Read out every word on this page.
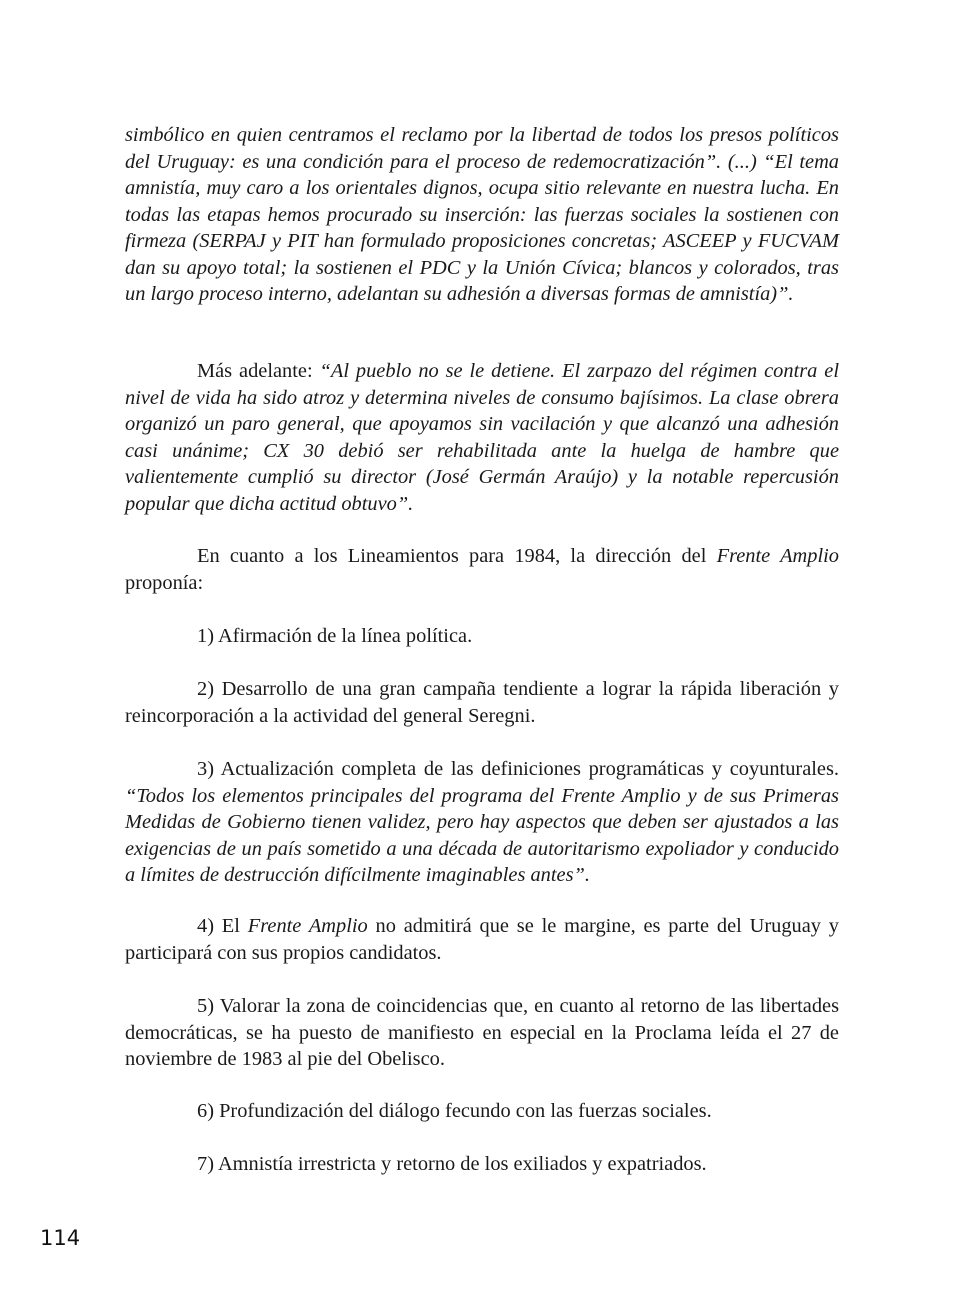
simbólico en quien centramos el reclamo por la libertad de todos los presos políticos del Uruguay: es una condición para el proceso de redemocratización”. (...) “El tema amnistía, muy caro a los orientales dignos, ocupa sitio relevante en nuestra lucha. En todas las etapas hemos procurado su inserción: las fuerzas sociales la sostienen con firmeza (SERPAJ y PIT han formulado proposiciones concretas; ASCEEP y FUCVAM dan su apoyo total; la sostienen el PDC y la Unión Cívica; blancos y colorados, tras un largo proceso interno, adelantan su adhesión a diversas formas de amnistía)”.

Más adelante: “Al pueblo no se le detiene. El zarpazo del régimen contra el nivel de vida ha sido atroz y determina niveles de consumo bajísimos. La clase obrera organizó un paro general, que apoyamos sin vacilación y que alcanzó una adhesión casi unánime; CX 30 debió ser rehabilitada ante la huelga de hambre que valientemente cumplió su director (José Germán Araújo) y la notable repercusión popular que dicha actitud obtuvo”.

En cuanto a los Lineamientos para 1984, la dirección del Frente Amplio proponía:

1) Afirmación de la línea política.

2) Desarrollo de una gran campaña tendiente a lograr la rápida liberación y reincorporación a la actividad del general Seregni.

3) Actualización completa de las definiciones programáticas y coyunturales. “Todos los elementos principales del programa del Frente Amplio y de sus Primeras Medidas de Gobierno tienen validez, pero hay aspectos que deben ser ajustados a las exigencias de un país sometido a una década de autoritarismo expoliador y conducido a límites de destrucción difícilmente imaginables antes”.

4) El Frente Amplio no admitirá que se le margine, es parte del Uruguay y participará con sus propios candidatos.

5) Valorar la zona de coincidencias que, en cuanto al retorno de las libertades democráticas, se ha puesto de manifiesto en especial en la Proclama leída el 27 de noviembre de 1983 al pie del Obelisco.

6) Profundización del diálogo fecundo con las fuerzas sociales.

7) Amnistía irrestricta y retorno de los exiliados y expatriados.

114
